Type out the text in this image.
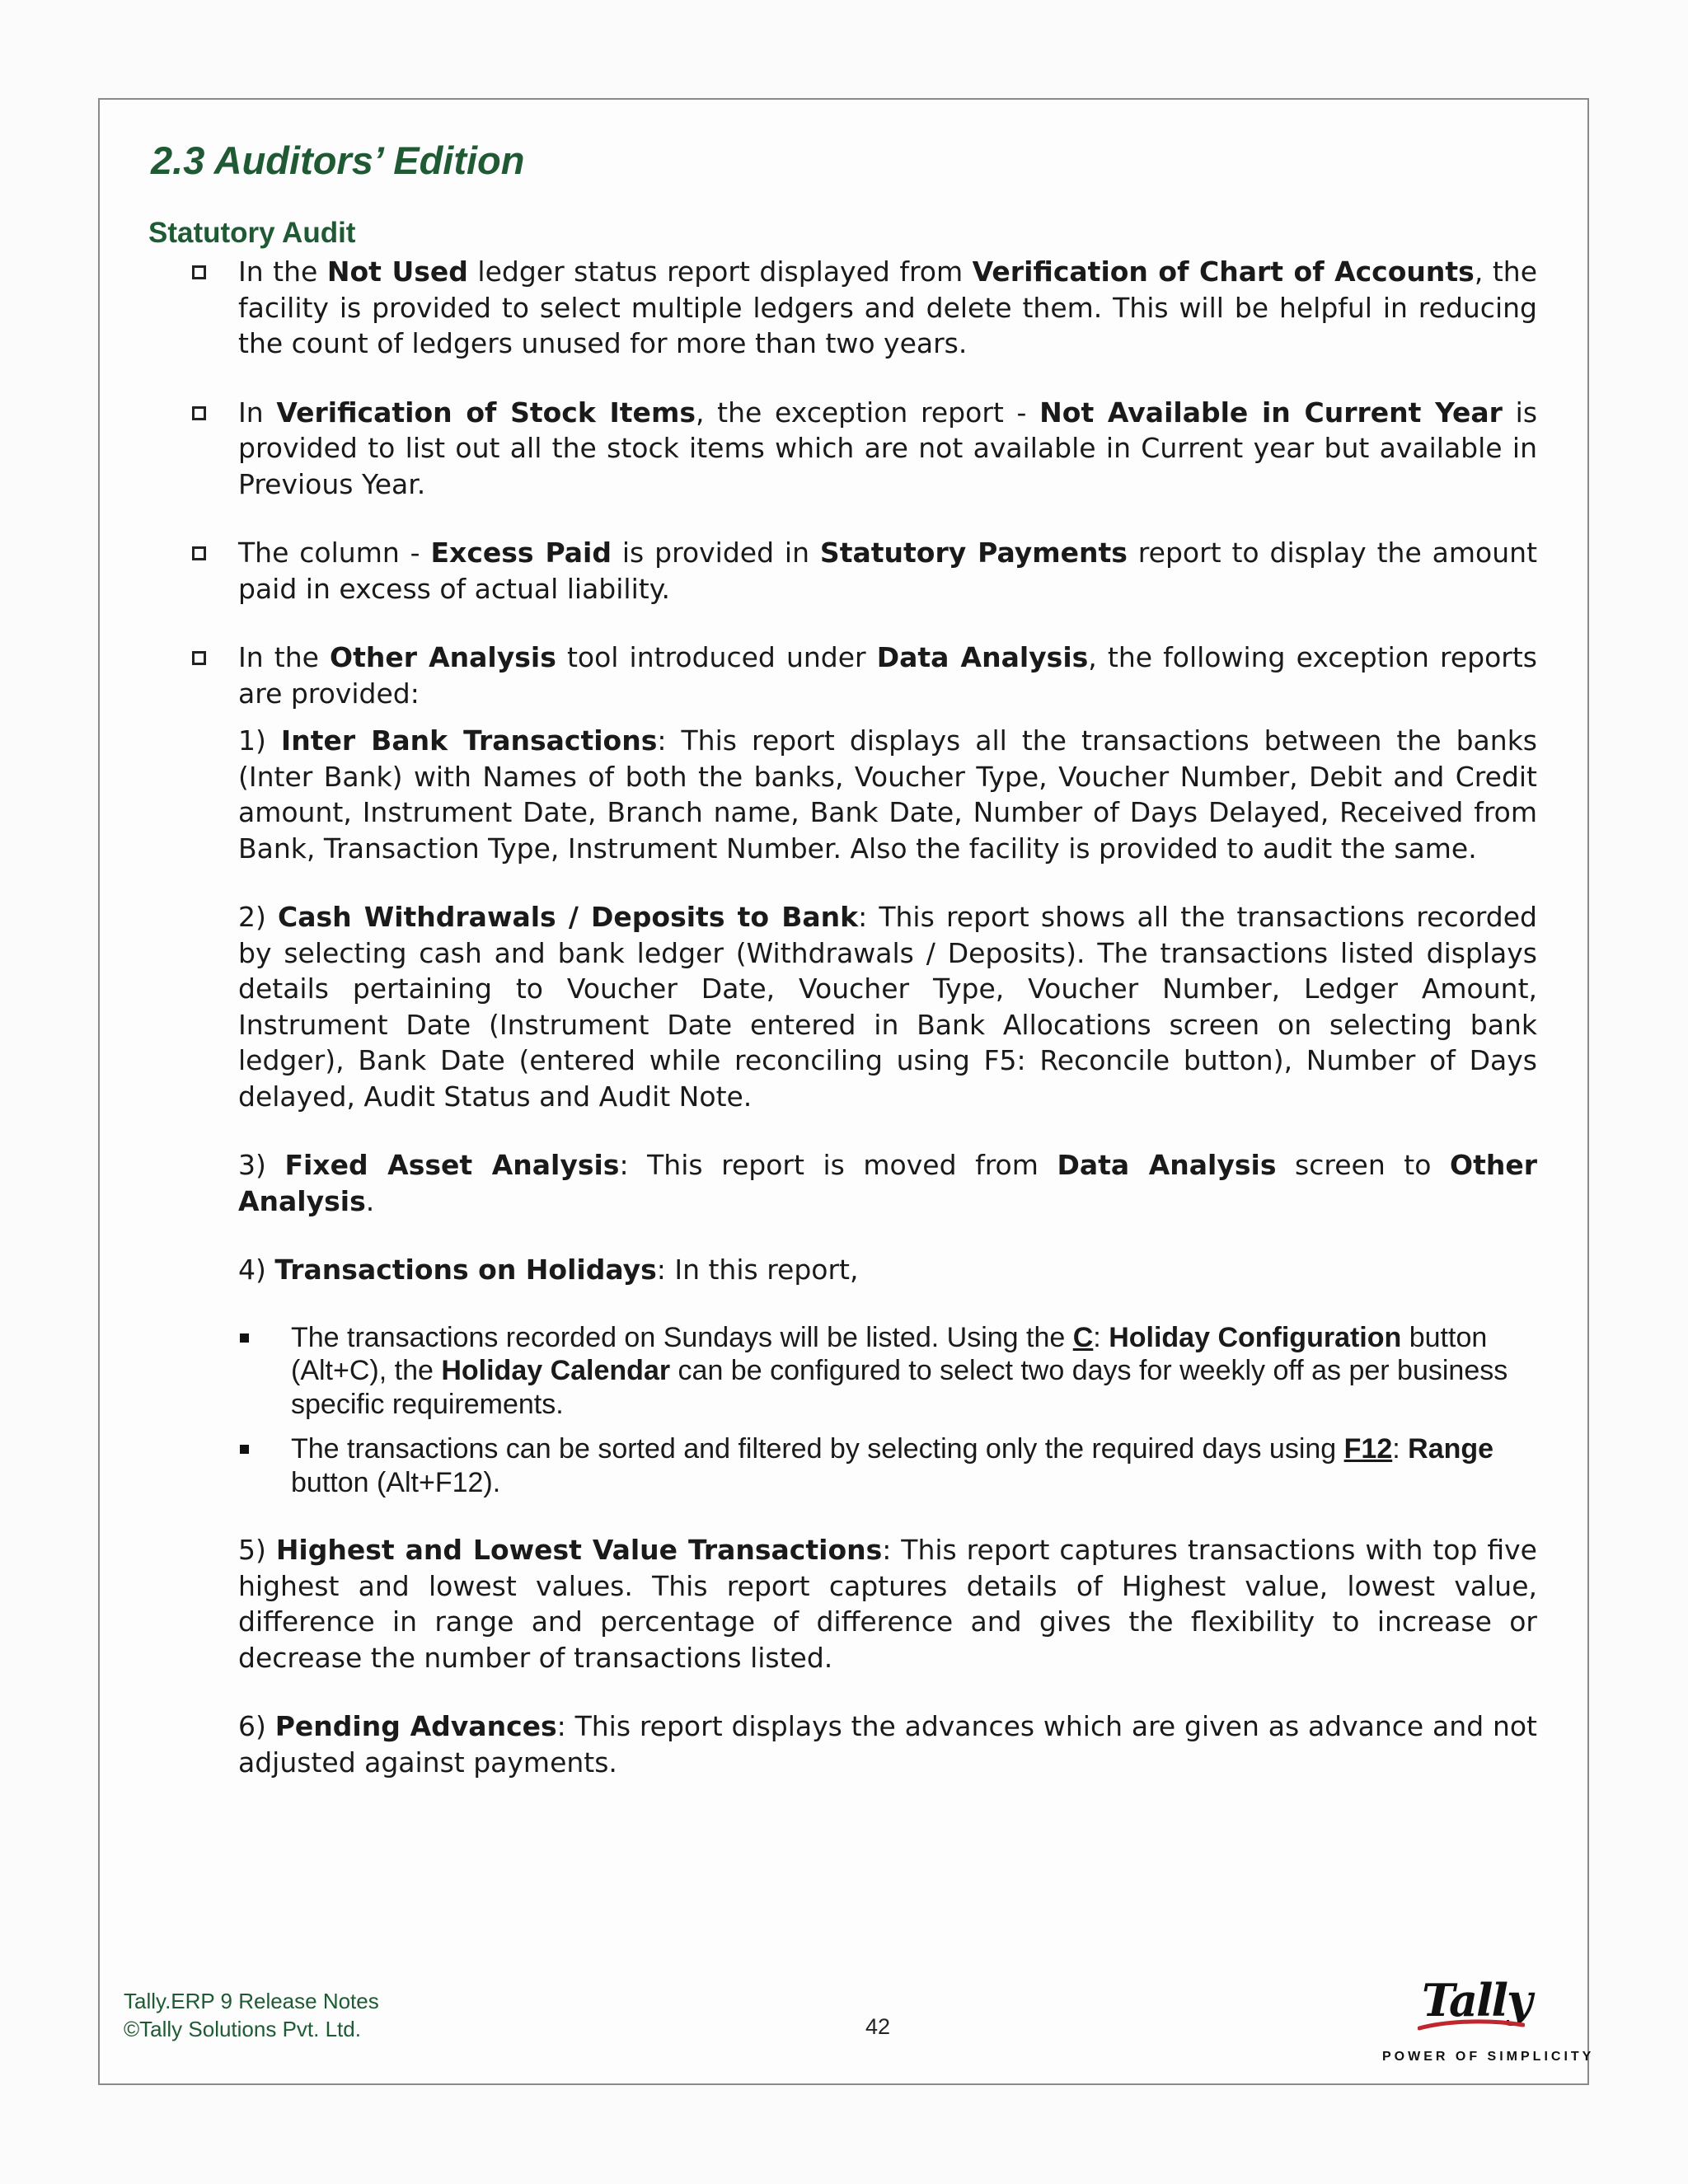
2.3 Auditors’ Edition
Statutory Audit
In the Not Used ledger status report displayed from Verification of Chart of Accounts, the facility is provided to select multiple ledgers and delete them. This will be helpful in reducing the count of ledgers unused for more than two years.
In Verification of Stock Items, the exception report - Not Available in Current Year is provided to list out all the stock items which are not available in Current year but available in Previous Year.
The column - Excess Paid is provided in Statutory Payments report to display the amount paid in excess of actual liability.
In the Other Analysis tool introduced under Data Analysis, the following exception reports are provided:
1) Inter Bank Transactions: This report displays all the transactions between the banks (Inter Bank) with Names of both the banks, Voucher Type, Voucher Number, Debit and Credit amount, Instrument Date, Branch name, Bank Date, Number of Days Delayed, Received from Bank, Transaction Type, Instrument Number. Also the facility is provided to audit the same.
2) Cash Withdrawals / Deposits to Bank: This report shows all the transactions recorded by selecting cash and bank ledger (Withdrawals / Deposits). The transactions listed displays details pertaining to Voucher Date, Voucher Type, Voucher Number, Ledger Amount, Instrument Date (Instrument Date entered in Bank Allocations screen on selecting bank ledger), Bank Date (entered while reconciling using F5: Reconcile button), Number of Days delayed, Audit Status and Audit Note.
3) Fixed Asset Analysis: This report is moved from Data Analysis screen to Other Analysis.
4) Transactions on Holidays: In this report,
The transactions recorded on Sundays will be listed. Using the C: Holiday Configuration button (Alt+C), the Holiday Calendar can be configured to select two days for weekly off as per business specific requirements.
The transactions can be sorted and filtered by selecting only the required days using F12: Range button (Alt+F12).
5) Highest and Lowest Value Transactions: This report captures transactions with top five highest and lowest values. This report captures details of Highest value, lowest value, difference in range and percentage of difference and gives the flexibility to increase or decrease the number of transactions listed.
6) Pending Advances: This report displays the advances which are given as advance and not adjusted against payments.
Tally.ERP 9 Release Notes
©Tally Solutions Pvt. Ltd.	42	Tally
POWER OF SIMPLICITY
